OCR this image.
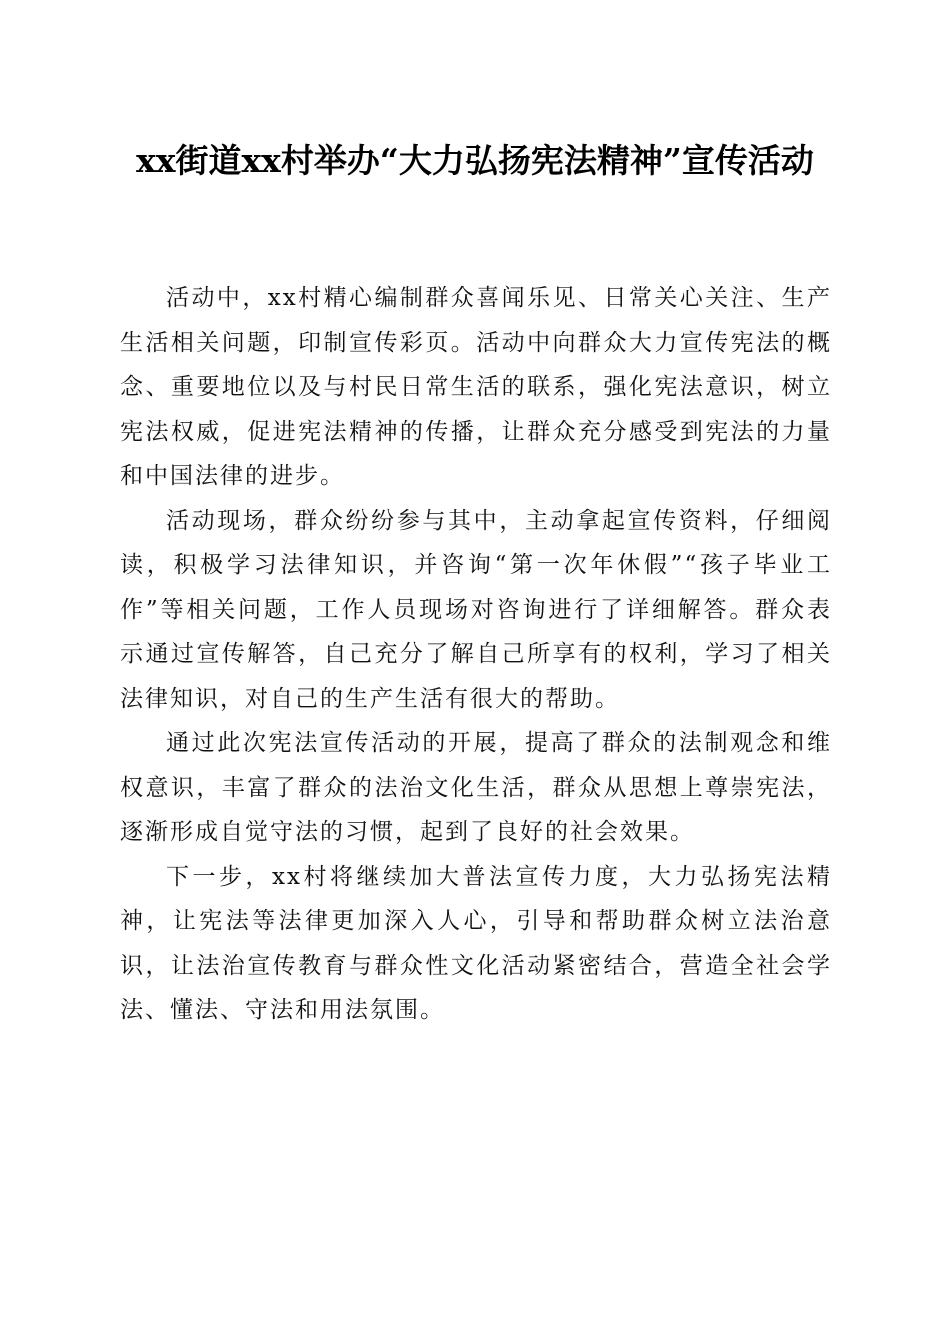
xx街道xx村举办“大力弘扬宪法精神”宣传活动

活动中，xx村精心编制群众喜闻乐见、日常关心关注、生产生活相关问题，印制宣传彩页。活动中向群众大力宣传宪法的概念、重要地位以及与村民日常生活的联系，强化宪法意识，树立宪法权威，促进宪法精神的传播，让群众充分感受到宪法的力量和中国法律的进步。

活动现场，群众纷纷参与其中，主动拿起宣传资料，仔细阅读，积极学习法律知识，并咨询“第一次年休假”“孩子毕业工作”等相关问题，工作人员现场对咨询进行了详细解答。群众表示通过宣传解答，自己充分了解自己所享有的权利，学习了相关法律知识，对自己的生产生活有很大的帮助。

通过此次宪法宣传活动的开展，提高了群众的法制观念和维权意识，丰富了群众的法治文化生活，群众从思想上尊崇宪法，逐渐形成自觉守法的习惯，起到了良好的社会效果。

下一步，xx村将继续加大普法宣传力度，大力弘扬宪法精神，让宪法等法律更加深入人心，引导和帮助群众树立法治意识，让法治宣传教育与群众性文化活动紧密结合，营造全社会学法、懂法、守法和用法氛围。
